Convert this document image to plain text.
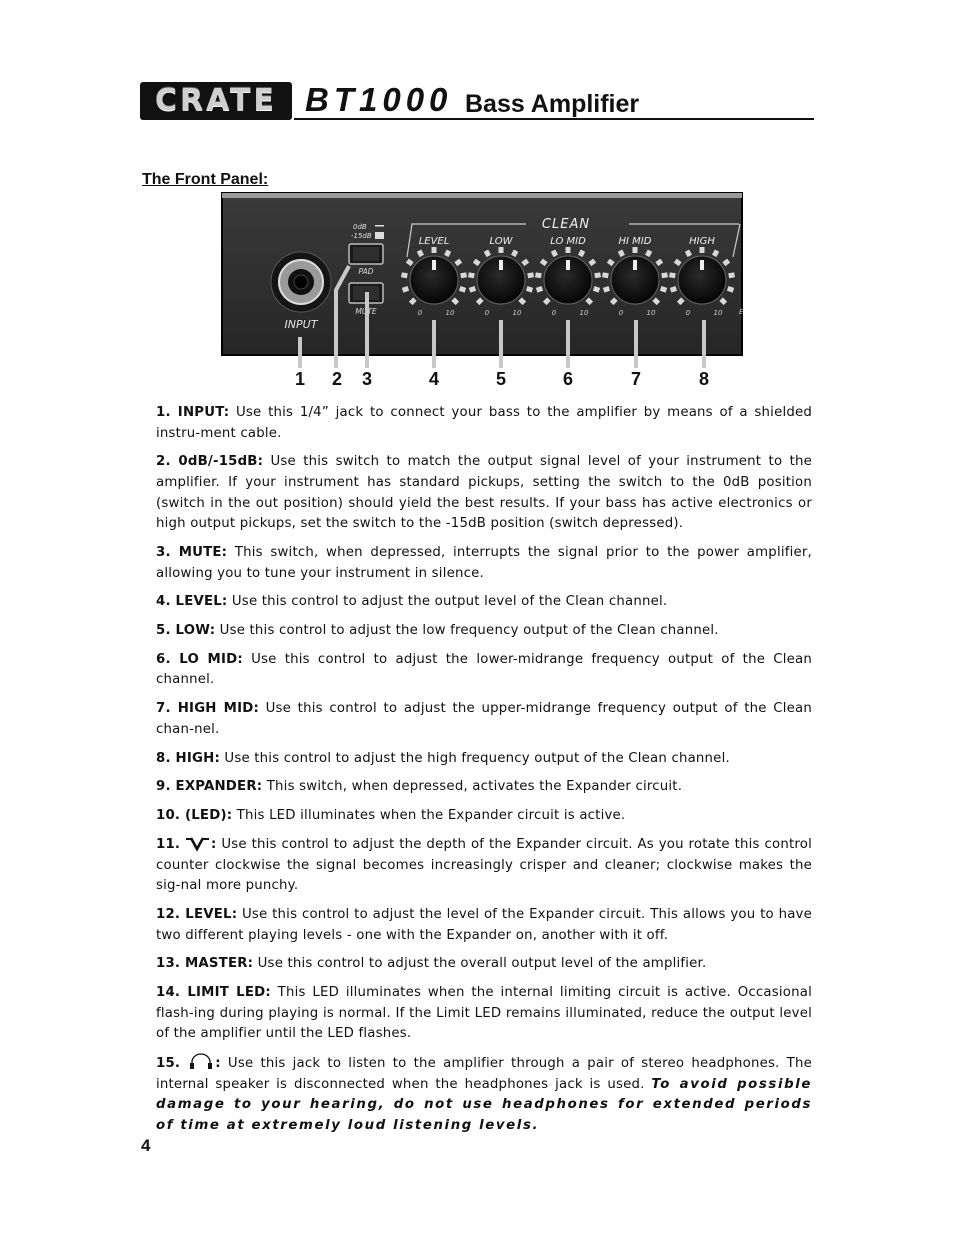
CRATE BT1000 Bass Amplifier
The Front Panel:
INPUT
0dB
-15dB
PAD
MUTE
CLEAN
LEVEL
0	10
LOW
0	10
LO MID
0	10
HI MID
0	10
HIGH
0	10 E
1 2 3	4	5	6	7	8

1. INPUT: Use this 1/4” jack to connect your bass to the amplifier by means of a shielded instru-ment cable.

2. 0dB/-15dB: Use this switch to match the output signal level of your instrument to the amplifier. If your instrument has standard pickups, setting the switch to the 0dB position (switch in the out position) should yield the best results. If your bass has active electronics or high output pickups, set the switch to the -15dB position (switch depressed).

3. MUTE: This switch, when depressed, interrupts the signal prior to the power amplifier, allowing you to tune your instrument in silence.

4. LEVEL: Use this control to adjust the output level of the Clean channel.

5. LOW: Use this control to adjust the low frequency output of the Clean channel.

6. LO MID: Use this control to adjust the lower-midrange frequency output of the Clean channel.

7. HIGH MID: Use this control to adjust the upper-midrange frequency output of the Clean chan-nel.

8. HIGH: Use this control to adjust the high frequency output of the Clean channel.

9. EXPANDER: This switch, when depressed, activates the Expander circuit.

10. (LED): This LED illuminates when the Expander circuit is active.

11. : Use this control to adjust the depth of the Expander circuit. As you rotate this control counter clockwise the signal becomes increasingly crisper and cleaner; clockwise makes the sig-nal more punchy.

12. LEVEL: Use this control to adjust the level of the Expander circuit. This allows you to have two different playing levels - one with the Expander on, another with it off.

13. MASTER: Use this control to adjust the overall output level of the amplifier.

14. LIMIT LED: This LED illuminates when the internal limiting circuit is active. Occasional flash-ing during playing is normal. If the Limit LED remains illuminated, reduce the output level of the amplifier until the LED flashes.

15.	: Use this jack to listen to the amplifier through a pair of stereo headphones. The internal speaker is disconnected when the headphones jack is used. To avoid possible damage to your hearing, do not use headphones for extended periods of time at extremely loud listening levels.

4
